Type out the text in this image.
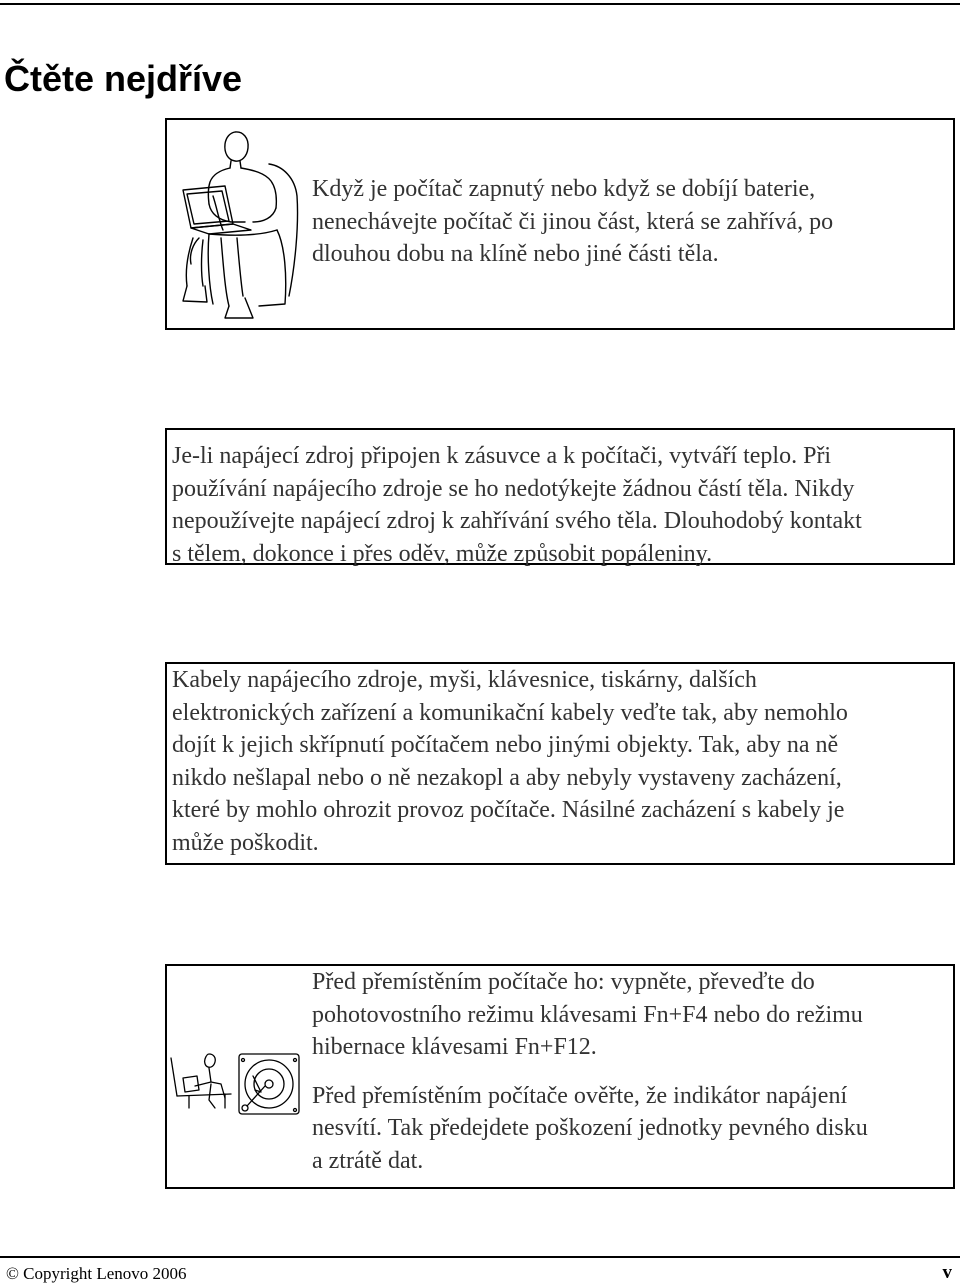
Čtěte nejdříve

Když je počítač zapnutý nebo když se dobíjí baterie,

nenechávejte počítač či jinou část, která se zahřívá, po

dlouhou dobu na klíně nebo jiné části těla.

Je-li napájecí zdroj připojen k zásuvce a k počítači, vytváří teplo. Při

používání napájecího zdroje se ho nedotýkejte žádnou částí těla. Nikdy

nepoužívejte napájecí zdroj k zahřívání svého těla. Dlouhodobý kontakt

s tělem, dokonce i přes oděv, může způsobit popáleniny.

Kabely napájecího zdroje, myši, klávesnice, tiskárny, dalších

elektronických zařízení a komunikační kabely veďte tak, aby nemohlo

dojít k jejich skřípnutí počítačem nebo jinými objekty. Tak, aby na ně

nikdo nešlapal nebo o ně nezakopl a aby nebyly vystaveny zacházení,

které by mohlo ohrozit provoz počítače. Násilné zacházení s kabely je

může poškodit.

Před přemístěním počítače ho: vypněte, převeďte do

pohotovostního režimu klávesami Fn+F4 nebo do režimu

hibernace klávesami Fn+F12.

Před přemístěním počítače ověřte, že indikátor napájení

nesvítí. Tak předejdete poškození jednotky pevného disku

a ztrátě dat.

© Copyright Lenovo 2006	v
